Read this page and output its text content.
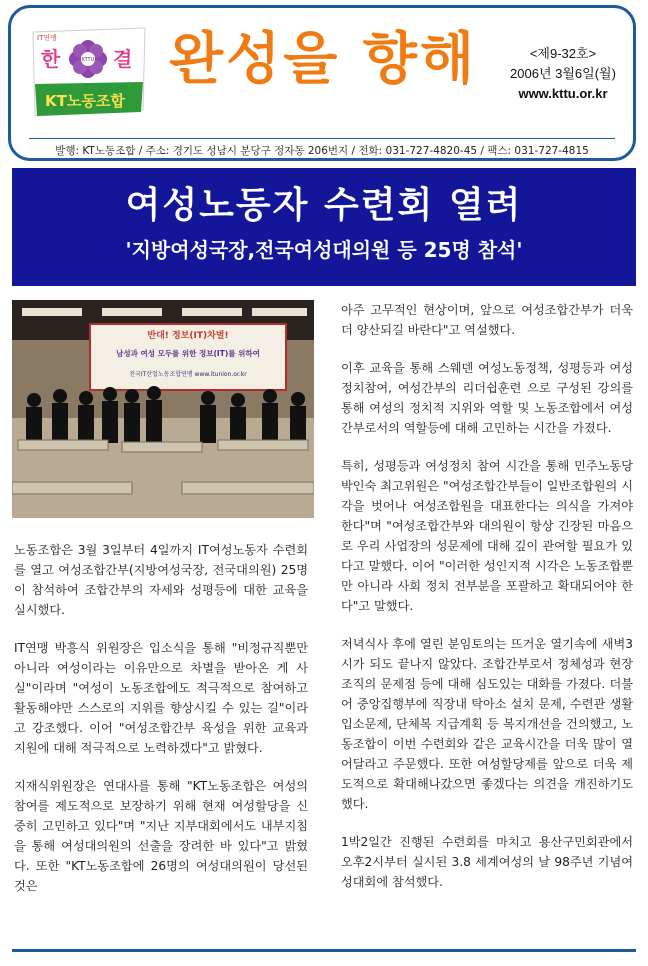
IT연맹
한	결
KTTU
KT노동조합
완성을 향해	<제9-32호>
2006년 3월6일(월)
www.kttu.or.kr
발행: KT노동조합 / 주소: 경기도 성남시 분당구 정자동 206번지 / 전화: 031-727-4820-45 / 팩스: 031-727-4815
여성노동자 수련회 열려
'지방여성국장,전국여성대의원 등 25명 참석'
반대! 정보(IT)차별!
남성과 여성 모두를 위한 정보(IT)를 위하여
전국IT산업노동조합연맹 www.itunion.or.kr

노동조합은 3월 3일부터 4일까지 IT여성노동자 수련회를 열고 여성조합간부(지방여성국장, 전국대의원) 25명이 참석하여 조합간부의 자세와 성평등에 대한 교육을 실시했다.

IT연맹 박흥식 위원장은 입소식을 통해 "비정규직뿐만 아니라 여성이라는 이유만으로 차별을 받아온 게 사실"이라며 "여성이 노동조합에도 적극적으로 참여하고 활동해야만 스스로의 지위를 향상시킬 수 있는 길"이라고 강조했다. 이어 "여성조합간부 육성을 위한 교육과 지원에 대해 적극적으로 노력하겠다"고 밝혔다.

지재식위원장은 연대사를 통해 "KT노동조합은 여성의 참여를 제도적으로 보장하기 위해 현재 여성할당을 신중히 고민하고 있다"며 "지난 지부대회에서도 내부지침을 통해 여성대의원의 선출을 장려한 바 있다"고 밝혔다. 또한 "KT노동조합에 26명의 여성대의원이 당선된 것은

아주 고무적인 현상이며, 앞으로 여성조합간부가 더욱더 양산되길 바란다"고 역설했다.

이후 교육을 통해 스웨덴 여성노동정책, 성평등과 여성정치참여, 여성간부의 리더쉽훈련 으로 구성된 강의를 통해 여성의 정치적 지위와 역할 및 노동조합에서 여성간부로서의 역할등에 대해 고민하는 시간을 가졌다.

특히, 성평등과 여성정치 참여 시간을 통해 민주노동당 박인숙 최고위원은 "여성조합간부들이 일반조합원의 시각을 벗어나 여성조합원을 대표한다는 의식을 가져야 한다"며 "여성조합간부와 대의원이 항상 긴장된 마음으로 우리 사업장의 성문제에 대해 깊이 관여할 필요가 있다고 말했다. 이어 "이러한 성인지적 시각은 노동조합뿐만 아니라 사회 정치 전부분을 포괄하고 확대되어야 한다"고 말했다.

저녁식사 후에 열린 분임토의는 뜨거운 열기속에 새벽3시가 되도 끝나지 않았다. 조합간부로서 정체성과 현장조직의 문제점 등에 대해 심도있는 대화를 가졌다. 더불어 중앙집행부에 직장내 탁아소 설치 문제, 수련관 생활입소문제, 단체복 지급계획 등 복지개선을 건의했고, 노동조합이 이번 수련회와 같은 교육시간을 더욱 많이 열어달라고 주문했다. 또한 여성할당제를 앞으로 더욱 제도적으로 확대해나갔으면 좋겠다는 의견을 개진하기도 했다.

1박2일간 진행된 수련회를 마치고 용산구민회관에서 오후2시부터 실시된 3.8 세계여성의 날 98주년 기념여성대회에 참석했다.
